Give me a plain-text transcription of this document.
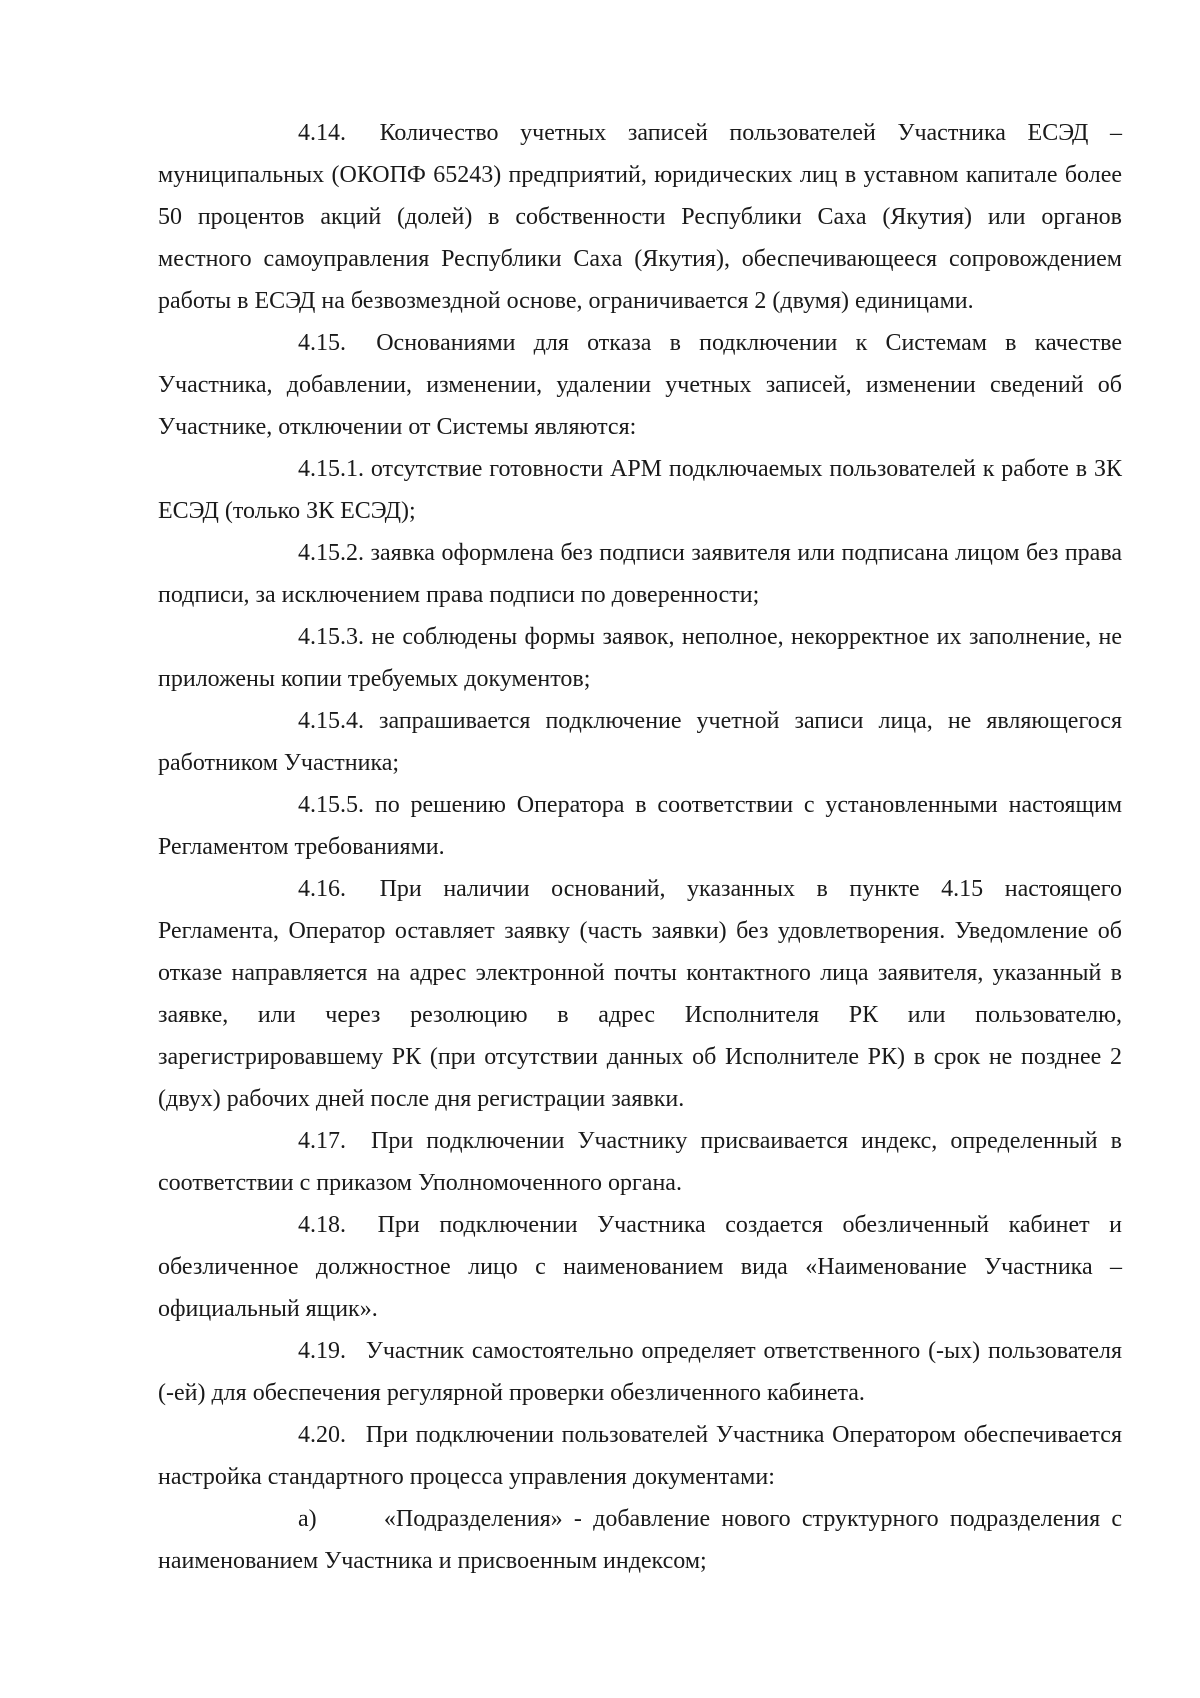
4.14. Количество учетных записей пользователей Участника ЕСЭД – муниципальных (ОКОПФ 65243) предприятий, юридических лиц в уставном капитале более 50 процентов акций (долей) в собственности Республики Саха (Якутия) или органов местного самоуправления Республики Саха (Якутия), обеспечивающееся сопровождением работы в ЕСЭД на безвозмездной основе, ограничивается 2 (двумя) единицами.

4.15. Основаниями для отказа в подключении к Системам в качестве Участника, добавлении, изменении, удалении учетных записей, изменении сведений об Участнике, отключении от Системы являются:

4.15.1. отсутствие готовности АРМ подключаемых пользователей к работе в ЗК ЕСЭД (только ЗК ЕСЭД);

4.15.2. заявка оформлена без подписи заявителя или подписана лицом без права подписи, за исключением права подписи по доверенности;

4.15.3. не соблюдены формы заявок, неполное, некорректное их заполнение, не приложены копии требуемых документов;

4.15.4. запрашивается подключение учетной записи лица, не являющегося работником Участника;

4.15.5. по решению Оператора в соответствии с установленными настоящим Регламентом требованиями.

4.16. При наличии оснований, указанных в пункте 4.15 настоящего Регламента, Оператор оставляет заявку (часть заявки) без удовлетворения. Уведомление об отказе направляется на адрес электронной почты контактного лица заявителя, указанный в заявке, или через резолюцию в адрес Исполнителя РК или пользователю, зарегистрировавшему РК (при отсутствии данных об Исполнителе РК) в срок не позднее 2 (двух) рабочих дней после дня регистрации заявки.

4.17. При подключении Участнику присваивается индекс, определенный в соответствии с приказом Уполномоченного органа.

4.18. При подключении Участника создается обезличенный кабинет и обезличенное должностное лицо с наименованием вида «Наименование Участника – официальный ящик».

4.19. Участник самостоятельно определяет ответственного (-ых) пользователя (-ей) для обеспечения регулярной проверки обезличенного кабинета.

4.20. При подключении пользователей Участника Оператором обеспечивается настройка стандартного процесса управления документами:

а)	«Подразделения» - добавление нового структурного подразделения с наименованием Участника и присвоенным индексом;
